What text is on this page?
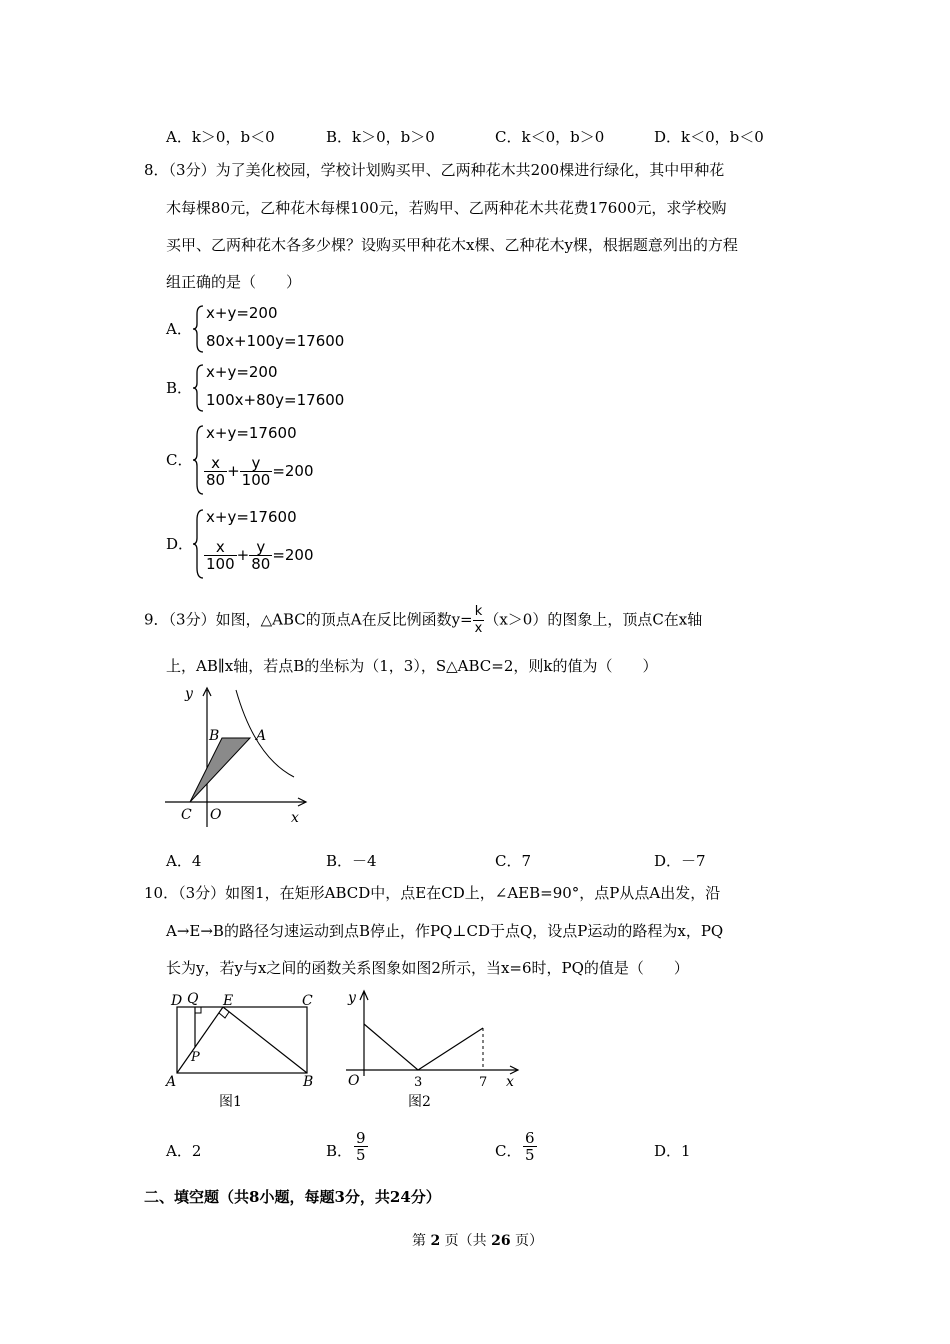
A．k＞0，b＜0	B．k＞0，b＞0	C．k＜0，b＞0	D．k＜0，b＜0
8．（3分）为了美化校园，学校计划购买甲、乙两种花木共200棵进行绿化，其中甲种花
木每棵80元，乙种花木每棵100元，若购甲、乙两种花木共花费17600元，求学校购
买甲、乙两种花木各多少棵？设购买甲种花木x棵、乙种花木y棵，根据题意列出的方程
组正确的是（　　）
A．
x+y=200
80x+100y=17600
B．
x+y=200
100x+80y=17600
C．
x+y=17600
$\frac{x}{80} + \frac{y}{100} =200$
D．
x+y=17600
$\frac{x}{100} + \frac{y}{80} =200$
9．（3分）如图，△ABC的顶点A在反比例函数$y= \frac{k}{x} (x>0)$的图象上，顶点C在x轴
上，AB∥x轴，若点B的坐标为（1，3），S△ABC=2，则k的值为（　　）
y
B	A
C O	x
A．4	B．－4	C．7	D．－7
10．（3分）如图1，在矩形ABCD中，点E在CD上，∠AEB=90°，点P从点A出发，沿
A→E→B的路径匀速运动到点B停止，作PQ⊥CD于点Q，设点P运动的路程为x，PQ
长为y，若y与x之间的函数关系图象如图2所示，当x=6时，PQ的值是（　　）
D Q E	C
P
A	B
图1
y
O	3	7 x
图2
A．2	B． $\frac{9}{5}$	C． $\frac{6}{5}$	D．1
二、填空题（共8小题，每题3分，共24分）
第 2 页（共 26 页）
